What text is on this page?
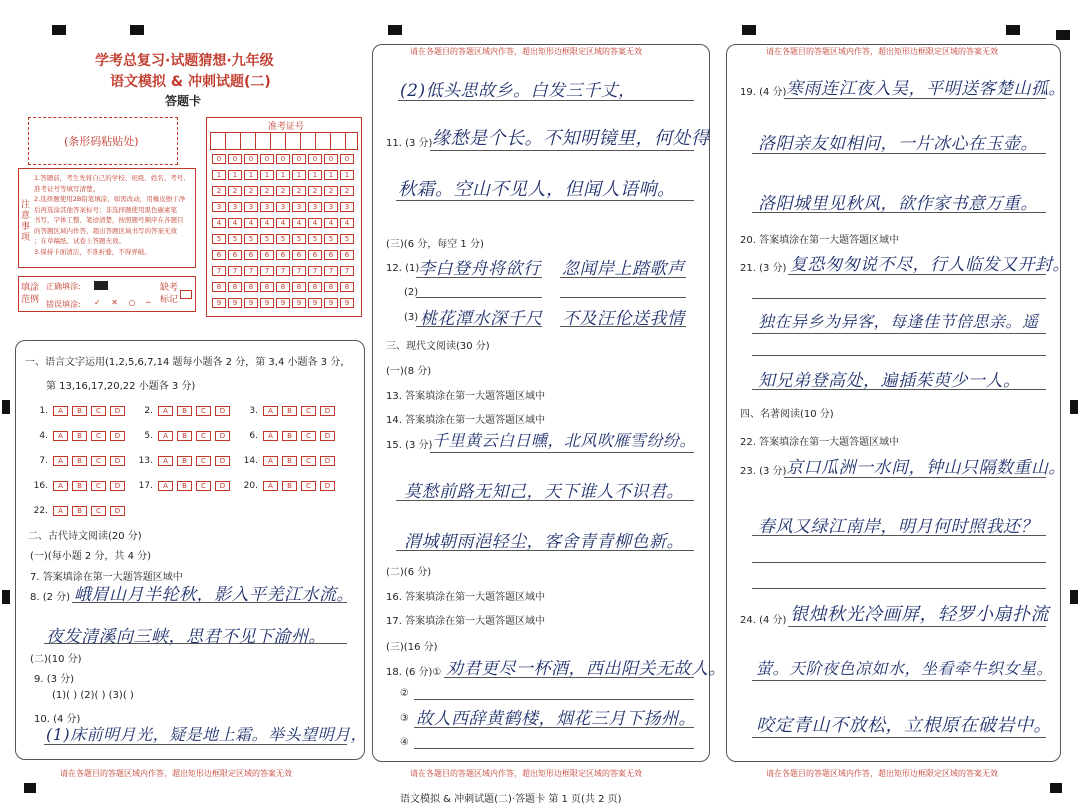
学考总复习·试题猜想·九年级
语文模拟 & 冲刺试题(二)
答题卡
(条形码粘贴处)
准考证号
0	0	0	0	0	0	0	0	0
1	1	1	1	1	1	1	1	1
2	2	2	2	2	2	2	2	2
3	3	3	3	3	3	3	3	3
4	4	4	4	4	4	4	4	4
5	5	5	5	5	5	5	5	5
6	6	6	6	6	6	6	6	6
7	7	7	7	7	7	7	7	7
8	8	8	8	8	8	8	8	8
9	9	9	9	9	9	9	9	9
注意事项
1.答题前，考生先将自己的学校、班级、姓名、考号、
准考证号等填写清楚。
2.选择题使用2B铅笔填涂，如需改动，用橡皮擦干净
后再选涂其他答案标号；非选择题使用黑色碳素笔
书写，字体工整、笔迹清楚，按照题号顺序在各题目
的答题区域内作答，超出答题区域书写的答案无效
；在草稿纸、试卷上答题无效。
3.保持卡面清洁，不准折叠，不得弄破。
填涂范例
正确填涂:
错误填涂: ✓ ✕ ○ ─
缺考标记
请在各题目的答题区域内作答，超出矩形边框限定区域的答案无效
一、语言文字运用(1,2,5,6,7,14 题每小题各 2 分，第 3,4 小题各 3 分，
第 13,16,17,20,22 小题各 3 分)
1.	A	B	C	D	2.	A	B	C	D	3.	A	B	C	D
4.	A	B	C	D	5.	A	B	C	D	6.	A	B	C	D
7.	A	B	C	D	13.	A	B	C	D	14.	A	B	C	D
16.	A	B	C	D	17.	A	B	C	D	20.	A	B	C	D
22.	A	B	C	D
二、古代诗文阅读(20 分)
(一)(每小题 2 分，共 4 分)
7. 答案填涂在第一大题答题区域中
8. (2 分) 峨眉山月半轮秋，影入平羌江水流。
夜发清溪向三峡，思君不见下渝州。
(二)(10 分)
9. (3 分)
(1)( ) (2)( ) (3)( )
10. (4 分)
(1)床前明月光，疑是地上霜。举头望明月，
请在各题目的答题区域内作答，超出矩形边框限定区域的答案无效
请在各题目的答题区域内作答，超出矩形边框限定区域的答案无效
(2)低头思故乡。白发三千丈，
11. (3 分) 缘愁是个长。不知明镜里，何处得
秋霜。空山不见人，但闻人语响。
(三)(6 分，每空 1 分)
12. (1)
李白登舟将欲行 忽闻岸上踏歌声
(2)
(3) 桃花潭水深千尺 不及汪伦送我情
三、现代文阅读(30 分)
(一)(8 分)
13. 答案填涂在第一大题答题区域中
14. 答案填涂在第一大题答题区域中
15. (3 分) 千里黄云白日曛，北风吹雁雪纷纷。
莫愁前路无知己，天下谁人不识君。
渭城朝雨浥轻尘，客舍青青柳色新。
(二)(6 分)
16. 答案填涂在第一大题答题区域中
17. 答案填涂在第一大题答题区域中
(三)(16 分)
18. (6 分)① 劝君更尽一杯酒，西出阳关无故人。
②
③ 故人西辞黄鹤楼，烟花三月下扬州。
④
请在各题目的答题区域内作答，超出矩形边框限定区域的答案无效
请在各题目的答题区域内作答，超出矩形边框限定区域的答案无效
19. (4 分) 寒雨连江夜入吴，平明送客楚山孤。
洛阳亲友如相问，一片冰心在玉壶。
洛阳城里见秋风，欲作家书意万重。
20. 答案填涂在第一大题答题区域中
21. (3 分) 复恐匆匆说不尽，行人临发又开封。
独在异乡为异客，每逢佳节倍思亲。遥
知兄弟登高处，遍插茱萸少一人。
四、名著阅读(10 分)
22. 答案填涂在第一大题答题区域中
23. (3 分) 京口瓜洲一水间，钟山只隔数重山。
春风又绿江南岸，明月何时照我还？
24. (4 分) 银烛秋光冷画屏，轻罗小扇扑流
萤。天阶夜色凉如水，坐看牵牛织女星。
咬定青山不放松，立根原在破岩中。
语文模拟 & 冲刺试题(二)·答题卡 第 1 页(共 2 页)
